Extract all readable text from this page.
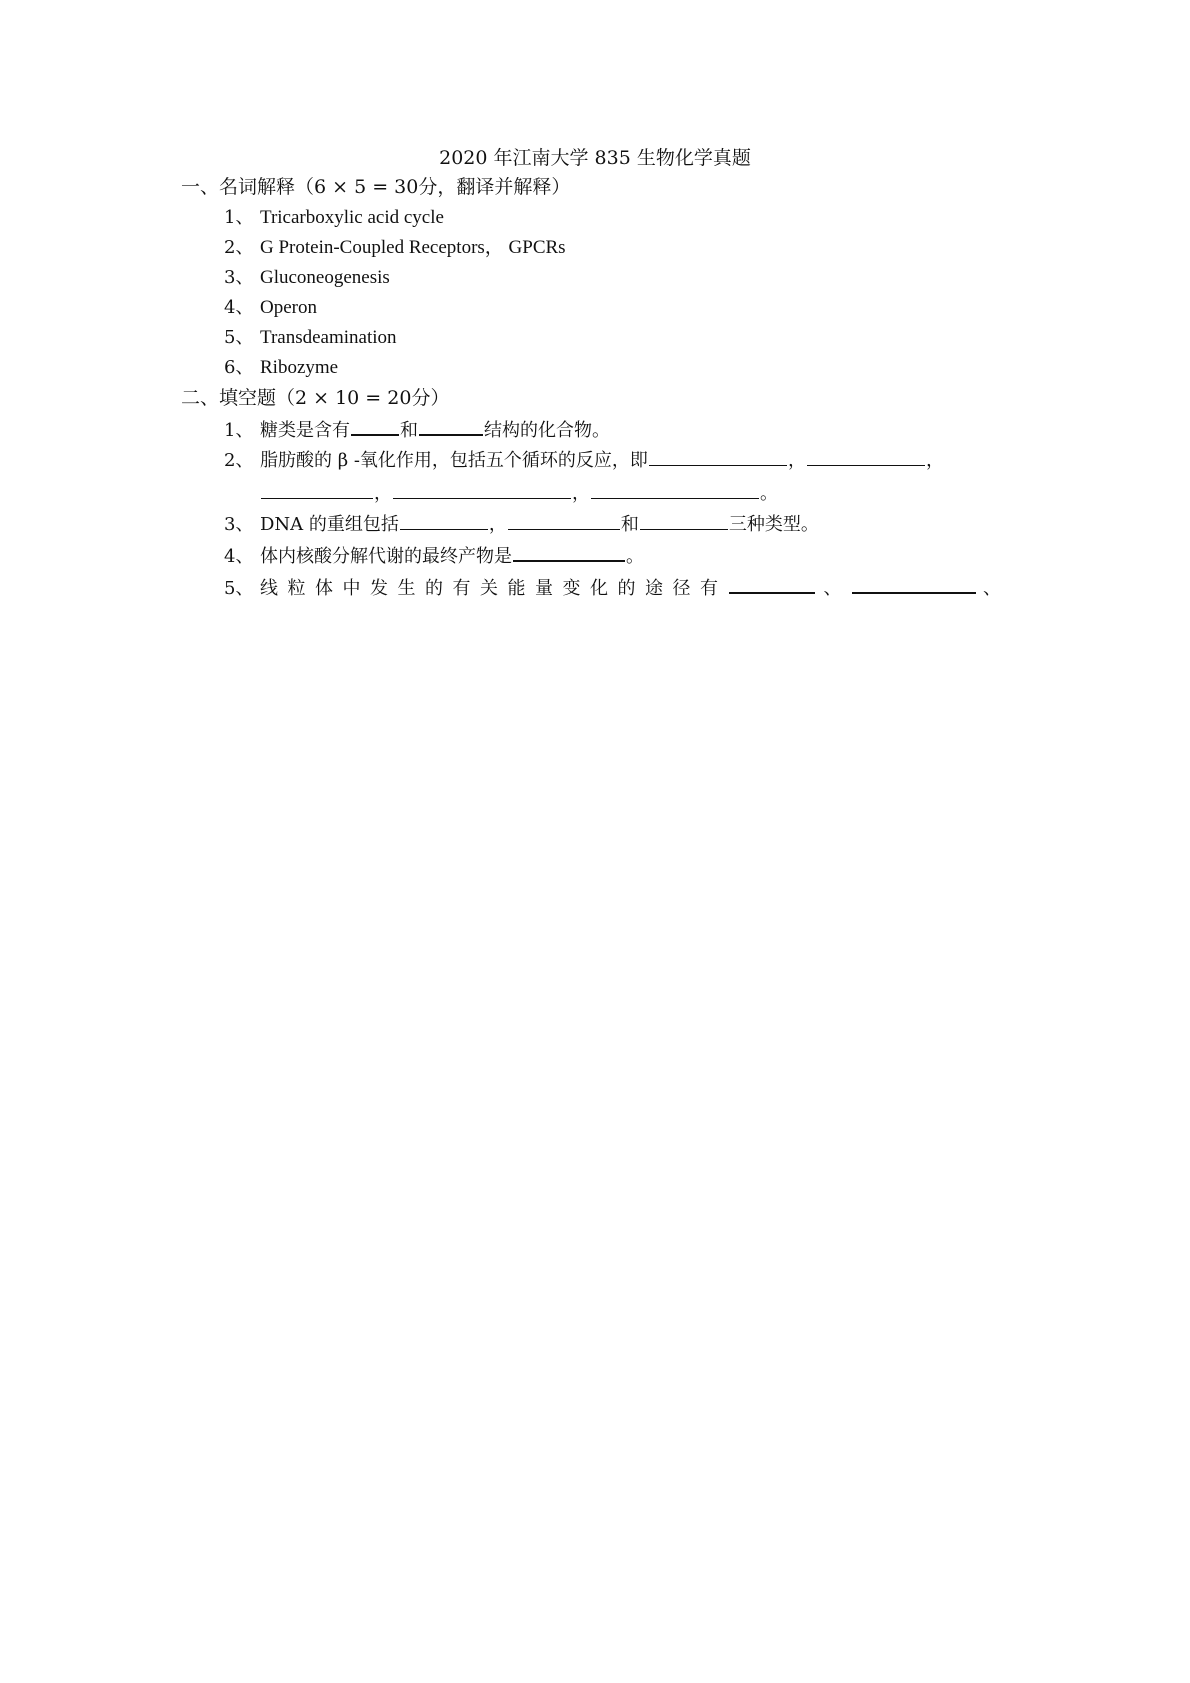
2020 年江南大学 835 生物化学真题
一、名词解释（6 × 5 = 30分，翻译并解释）
1、 Tricarboxylic acid cycle
2、 G Protein-Coupled Receptors， GPCRs
3、 Gluconeogenesis
4、 Operon
5、 Transdeamination
6、 Ribozyme
二、填空题（2 × 10 = 20分）
1、 糖类是含有	和	结构的化合物。
2、 脂肪酸的 β -氧化作用，包括五个循环的反应，即	，	，
，	，	。
3、 DNA 的重组包括	，	和	三种类型。
4、 体内核酸分解代谢的最终产物是	。
5、 线粒体中发生的有关能量变化的途径有	、	、
